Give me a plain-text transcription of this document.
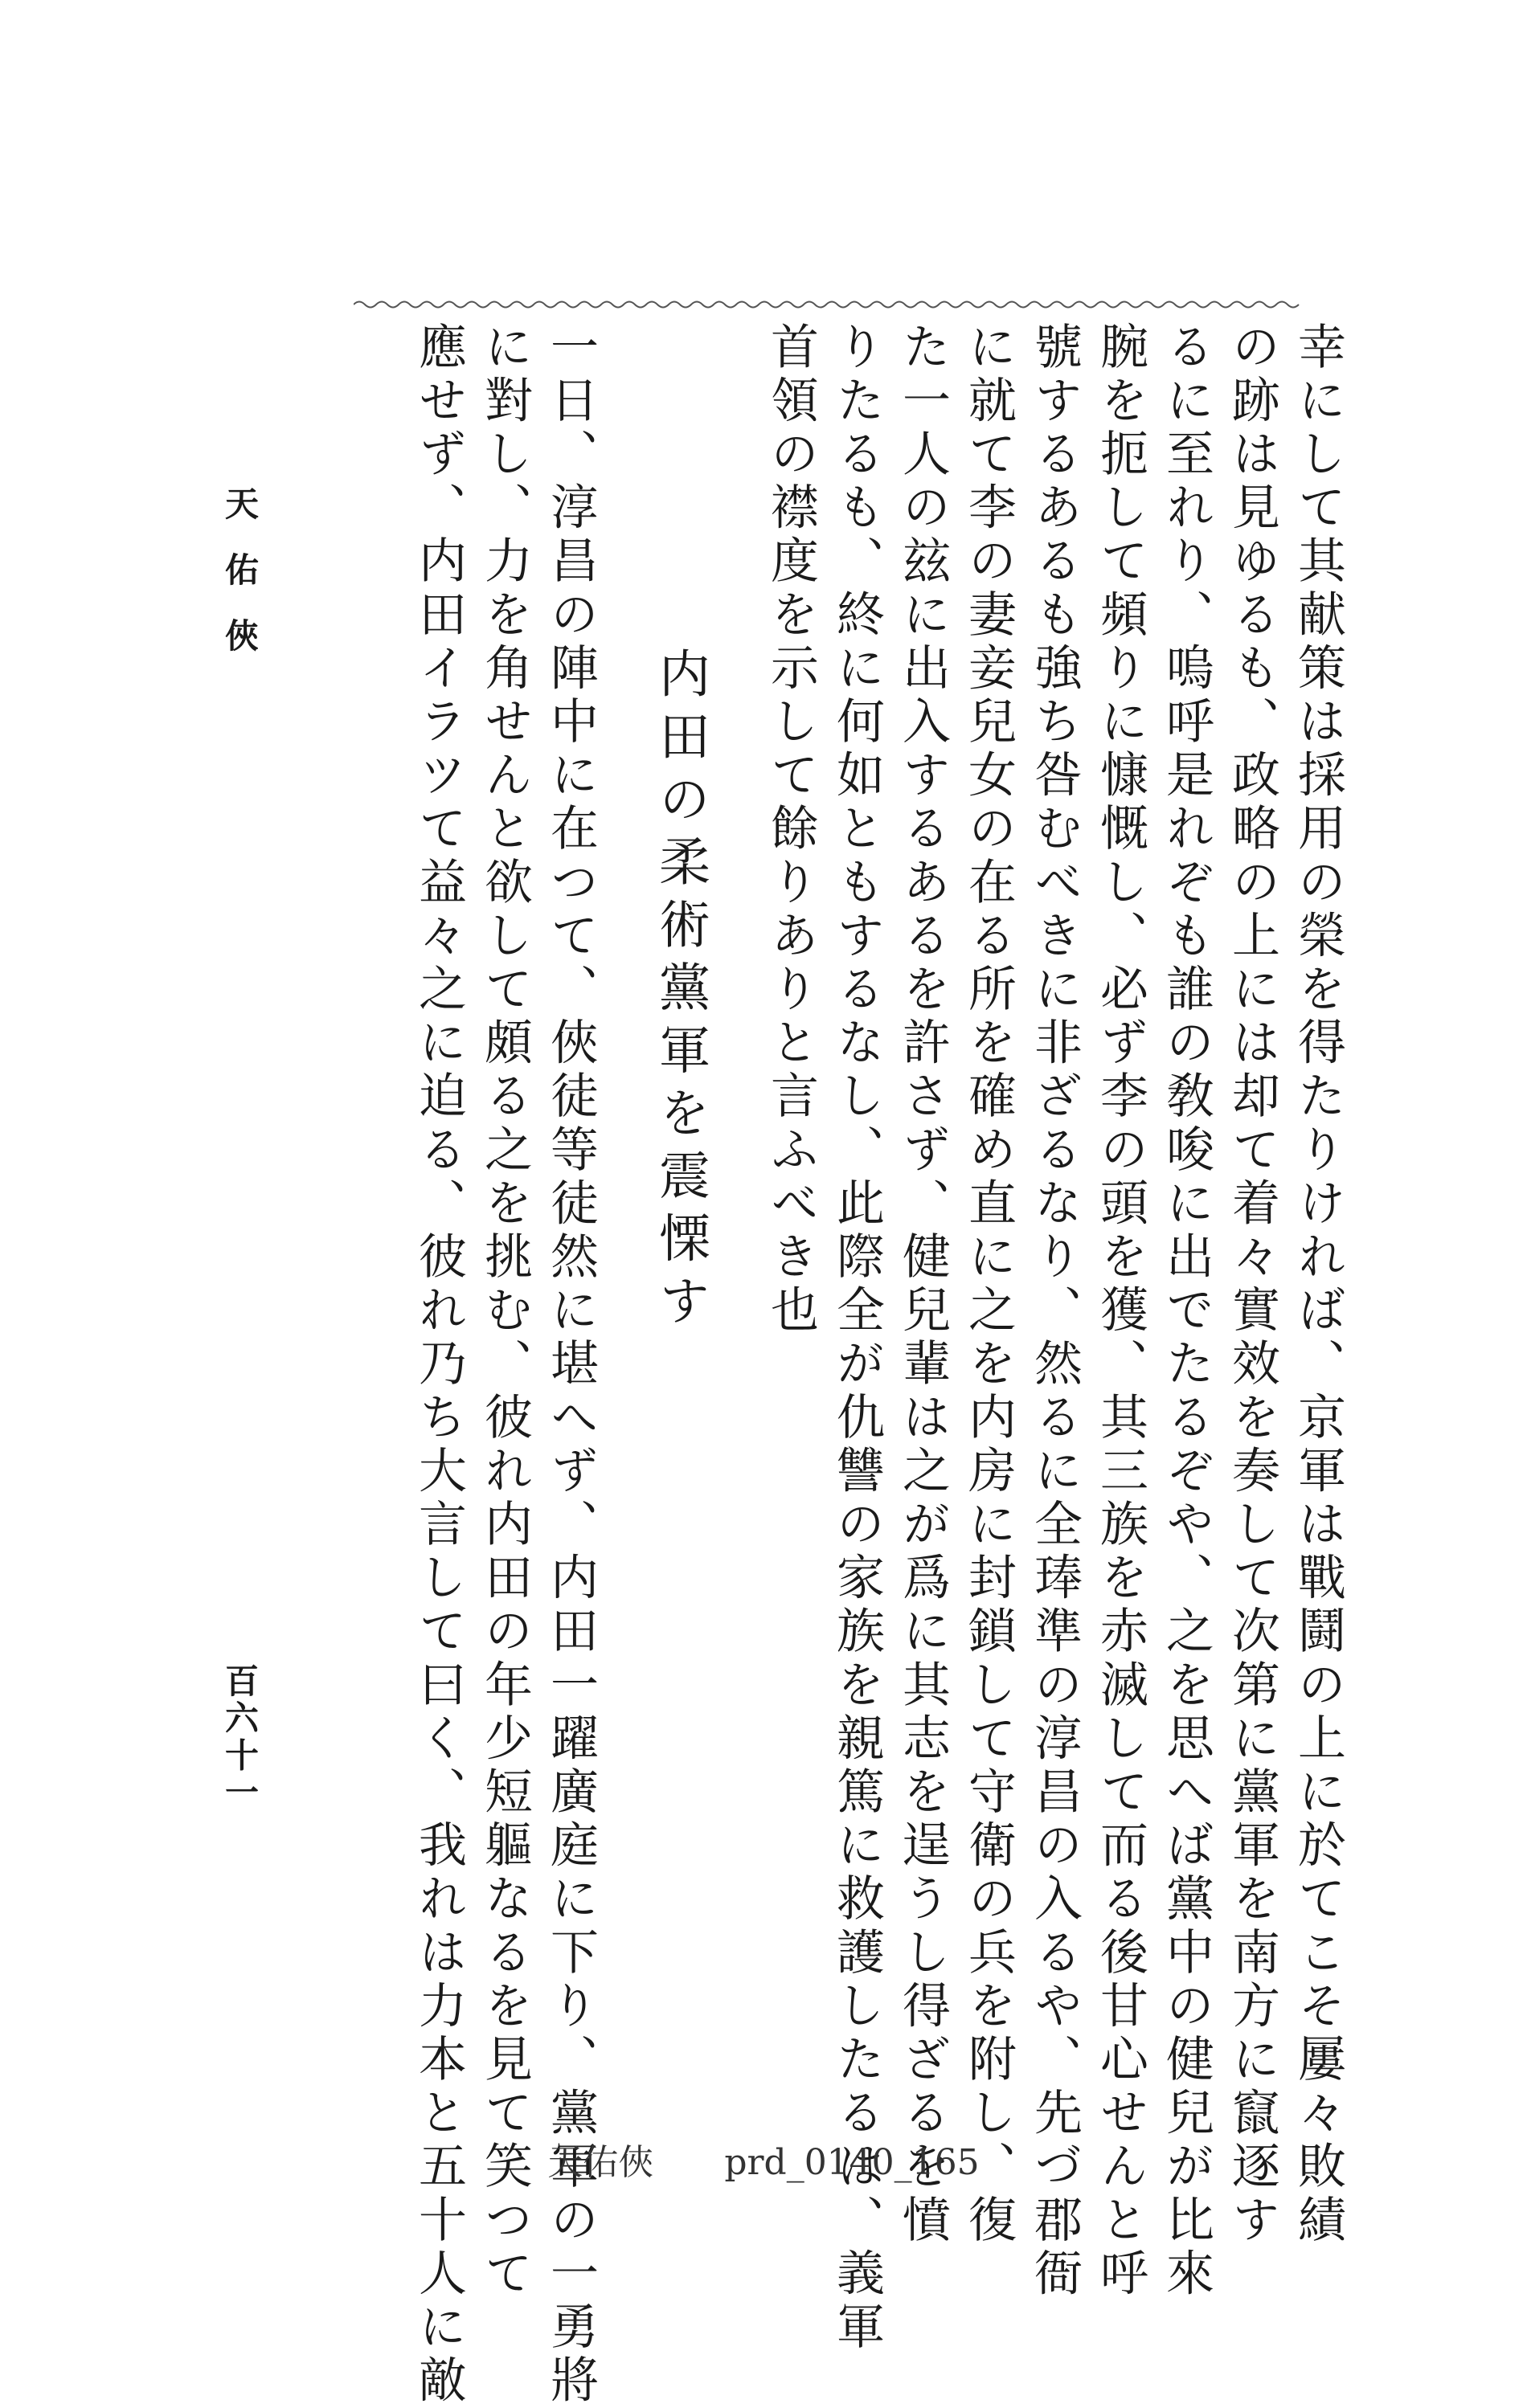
幸にして其献策は採用の榮を得たりければ、京軍は戰鬪の上に於てこそ屢々敗績
の跡は見ゆるも、政略の上には却て着々實效を奏して次第に黨軍を南方に竄逐す
るに至れり、嗚呼是れぞも誰の敎唆に出でたるぞや、之を思へば黨中の健兒が比來
腕を扼して頻りに慷慨し、必ず李の頭を獲、其三族を赤滅して而る後甘心せんと呼
號するあるも強ち咎むべきに非ざるなり、然るに全琫準の淳昌の入るや、先づ郡衙
に就て李の妻妾兒女の在る所を確め直に之を内房に封鎖して守衛の兵を附し、復
た一人の玆に出入するあるを許さず、健兒輩は之が爲に其志を逞うし得ざるを憤
りたるも、終に何如ともするなし、此際全が仇讐の家族を親篤に救護したるは、義軍
首領の襟度を示して餘りありと言ふべき也
内田の柔術黨軍を震慄す
一日、淳昌の陣中に在つて、俠徒等徒然に堪へず、内田一躍廣庭に下り、黨軍の一勇將
に對し、力を角せんと欲して頗る之を挑む、彼れ内田の年少短軀なるを見て笑つて
應せず、内田イラツて益々之に迫る、彼れ乃ち大言して曰く、我れは力本と五十人に敵
天佑俠
百六十一
天佑俠　　prd_0140_165
